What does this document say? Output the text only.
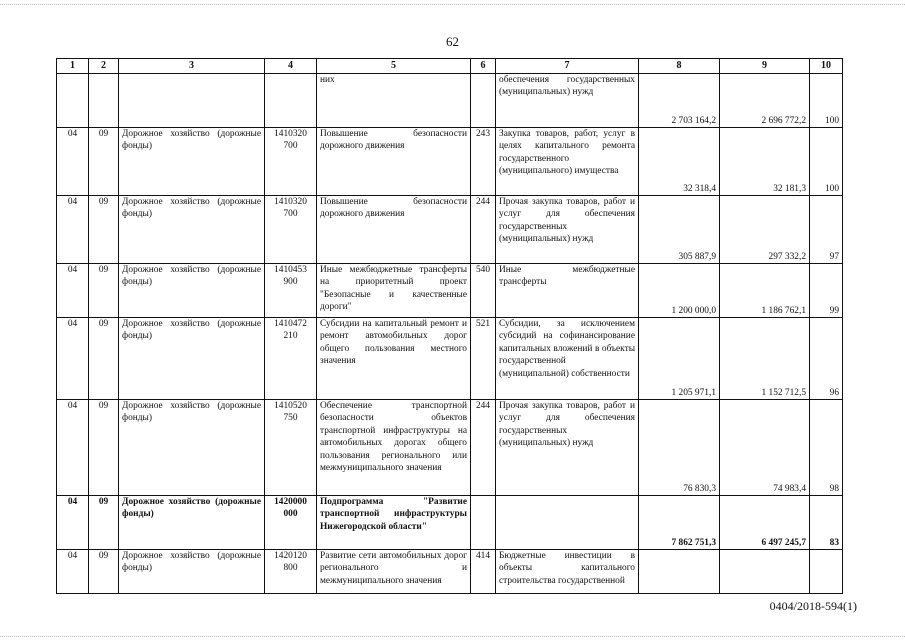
62
1	2	3	4	5	6	7	8	9	10
				них		обеспечения государственных (муниципальных) нужд	2 703 164,2	2 696 772,2	100
04	09	Дорожное хозяйство (дорожные фонды)	1410320 700	Повышение безопасности дорожного движения	243	Закупка товаров, работ, услуг в целях капитального ремонта государственного (муниципального) имущества	32 318,4	32 181,3	100
04	09	Дорожное хозяйство (дорожные фонды)	1410320 700	Повышение безопасности дорожного движения	244	Прочая закупка товаров, работ и услуг для обеспечения государственных (муниципальных) нужд	305 887,9	297 332,2	97
04	09	Дорожное хозяйство (дорожные фонды)	1410453 900	Иные межбюджетные трансферты на приоритетный проект "Безопасные и качественные дороги"	540	Иные межбюджетные трансферты	1 200 000,0	1 186 762,1	99
04	09	Дорожное хозяйство (дорожные фонды)	1410472 210	Субсидии на капитальный ремонт и ремонт автомобильных дорог общего пользования местного значения	521	Субсидии, за исключением субсидий на софинансирование капитальных вложений в объекты государственной (муниципальной) собственности	1 205 971,1	1 152 712,5	96
04	09	Дорожное хозяйство (дорожные фонды)	1410520 750	Обеспечение транспортной безопасности объектов транспортной инфраструктуры на автомобильных дорогах общего пользования регионального или межмуниципального значения	244	Прочая закупка товаров, работ и услуг для обеспечения государственных (муниципальных) нужд	76 830,3	74 983,4	98
04	09	Дорожное хозяйство (дорожные фонды)	1420000 000	Подпрограмма "Развитие транспортной инфраструктуры Нижегородской области"			7 862 751,3	6 497 245,7	83
04	09	Дорожное хозяйство (дорожные фонды)	1420120 800	Развитие сети автомобильных дорог регионального и межмуниципального значения	414	Бюджетные инвестиции в объекты капитального строительства государственной			
0404/2018-594(1)
